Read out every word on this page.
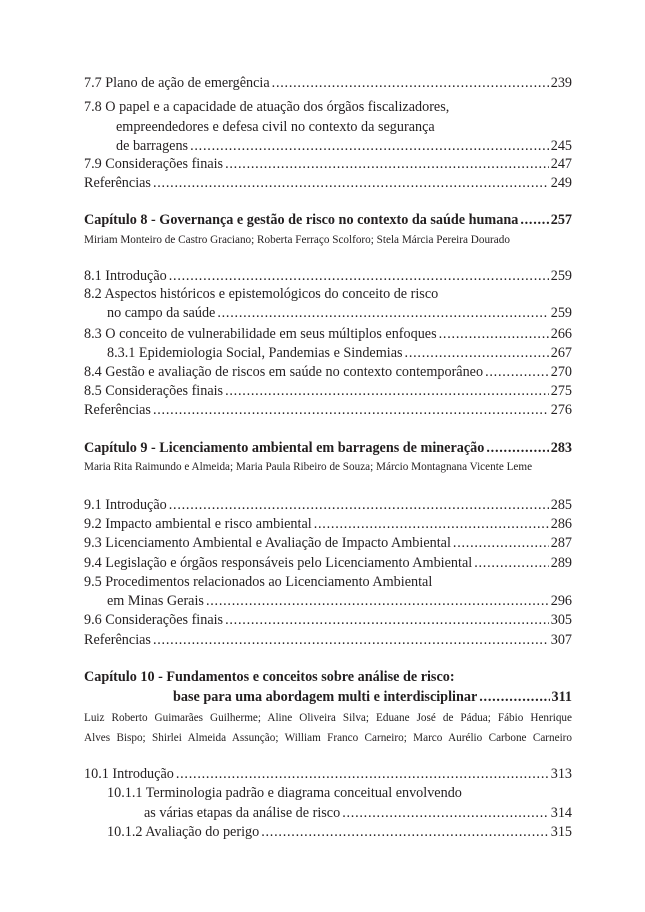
7.7 Plano de ação de emergência . . .	239
7.8 O papel e a capacidade de atuação dos órgãos fiscalizadores,
empreendedores e defesa civil no contexto da segurança
de barragens . . .	245
7.9 Considerações finais . . .	247
Referências . . .	249
Capítulo 8 - Governança e gestão de risco no contexto da saúde humana . . . 257
Miriam Monteiro de Castro Graciano; Roberta Ferraço Scolforo; Stela Márcia Pereira Dourado
8.1 Introdução . . .	259
8.2 Aspectos históricos e epistemológicos do conceito de risco
no campo da saúde . . .	259
8.3 O conceito de vulnerabilidade em seus múltiplos enfoques . . .	266
8.3.1 Epidemiologia Social, Pandemias e Sindemias . . .	267
8.4 Gestão e avaliação de riscos em saúde no contexto contemporâneo . . .	270
8.5 Considerações finais . . .	275
Referências . . .	276
Capítulo 9 - Licenciamento ambiental em barragens de mineração . . .	283
Maria Rita Raimundo e Almeida; Maria Paula Ribeiro de Souza; Márcio Montagnana Vicente Leme
9.1 Introdução . . .	285
9.2 Impacto ambiental e risco ambiental . . .	286
9.3 Licenciamento Ambiental e Avaliação de Impacto Ambiental . . .	287
9.4 Legislação e órgãos responsáveis pelo Licenciamento Ambiental . . .	289
9.5 Procedimentos relacionados ao Licenciamento Ambiental
em Minas Gerais . . .	296
9.6 Considerações finais . . .	305
Referências . . .	307
Capítulo 10 - Fundamentos e conceitos sobre análise de risco:
base para uma abordagem multi e interdisciplinar . . .	311
Luiz Roberto Guimarães Guilherme; Aline Oliveira Silva; Eduane José de Pádua; Fábio Henrique
Alves Bispo; Shirlei Almeida Assunção; William Franco Carneiro; Marco Aurélio Carbone Carneiro
10.1 Introdução . . .	313
10.1.1 Terminologia padrão e diagrama conceitual envolvendo
as várias etapas da análise de risco . . .	314
10.1.2 Avaliação do perigo . . .	315
